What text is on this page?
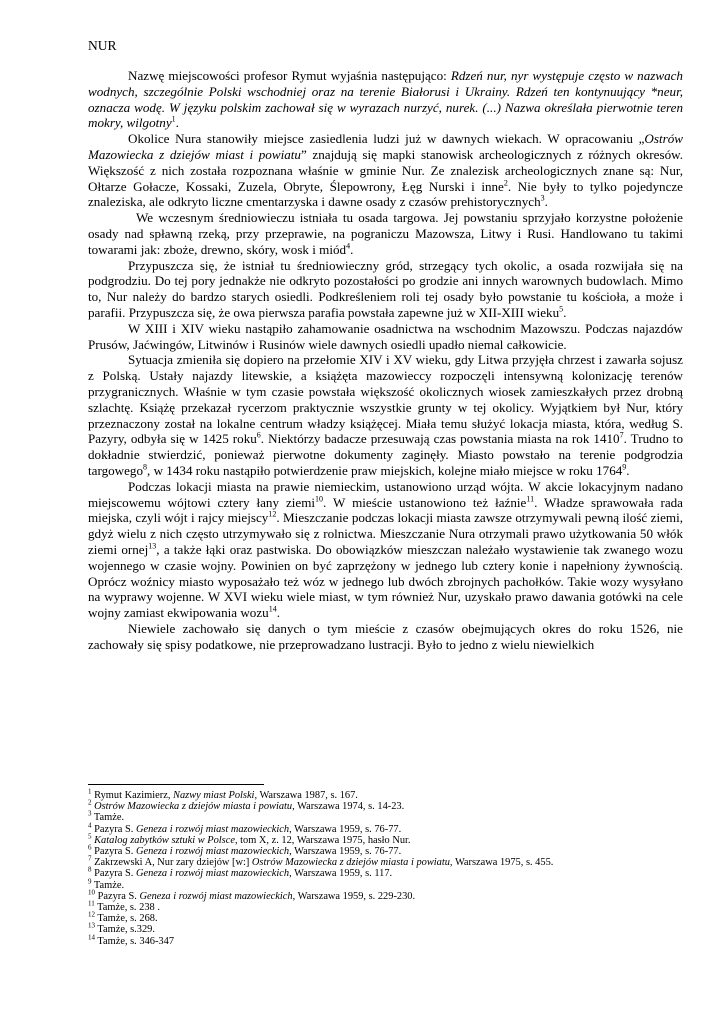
NUR

Nazwę miejscowości profesor Rymut wyjaśnia następująco: Rdzeń nur, nyr występuje często w nazwach wodnych, szczególnie Polski wschodniej oraz na terenie Białorusi i Ukrainy. Rdzeń ten kontynuujący *neur, oznacza wodę. W języku polskim zachował się w wyrazach nurzyć, nurek. (...) Nazwa określała pierwotnie teren mokry, wilgotny$^1$.

Okolice Nura stanowiły miejsce zasiedlenia ludzi już w dawnych wiekach. W opracowaniu „Ostrów Mazowiecka z dziejów miast i powiatu” znajdują się mapki stanowisk archeologicznych z różnych okresów. Większość z nich została rozpoznana właśnie w gminie Nur. Ze znalezisk archeologicznych znane są: Nur, Ołtarze Gołacze, Kossaki, Zuzela, Obryte, Ślepowrony, Łęg Nurski i inne$^2$. Nie były to tylko pojedyncze znaleziska, ale odkryto liczne cmentarzyska i dawne osady z czasów prehistorycznych$^3$.

We wczesnym średniowieczu istniała tu osada targowa. Jej powstaniu sprzyjało korzystne położenie osady nad spławną rzeką, przy przeprawie, na pograniczu Mazowsza, Litwy i Rusi. Handlowano tu takimi towarami jak: zboże, drewno, skóry, wosk i miód$^4$.

Przypuszcza się, że istniał tu średniowieczny gród, strzegący tych okolic, a osada rozwijała się na podgrodziu. Do tej pory jednakże nie odkryto pozostałości po grodzie ani innych warownych budowlach. Mimo to, Nur należy do bardzo starych osiedli. Podkreśleniem roli tej osady było powstanie tu kościoła, a może i parafii. Przypuszcza się, że owa pierwsza parafia powstała zapewne już w XII-XIII wieku$^5$.

W XIII i XIV wieku nastąpiło zahamowanie osadnictwa na wschodnim Mazowszu. Podczas najazdów Prusów, Jaćwingów, Litwinów i Rusinów wiele dawnych osiedli upadło niemal całkowicie.

Sytuacja zmieniła się dopiero na przełomie XIV i XV wieku, gdy Litwa przyjęła chrzest i zawarła sojusz z Polską. Ustały najazdy litewskie, a książęta mazowieccy rozpoczęli intensywną kolonizację terenów przygranicznych. Właśnie w tym czasie powstała większość okolicznych wiosek zamieszkałych przez drobną szlachtę. Książę przekazał rycerzom praktycznie wszystkie grunty w tej okolicy. Wyjątkiem był Nur, który przeznaczony został na lokalne centrum władzy książęcej. Miała temu służyć lokacja miasta, która, według S. Pazyry, odbyła się w 1425 roku$^6$. Niektórzy badacze przesuwają czas powstania miasta na rok 1410$^7$. Trudno to dokładnie stwierdzić, ponieważ pierwotne dokumenty zaginęły. Miasto powstało na terenie podgrodzia targowego$^8$, w 1434 roku nastąpiło potwierdzenie praw miejskich, kolejne miało miejsce w roku 1764$^9$.

Podczas lokacji miasta na prawie niemieckim, ustanowiono urząd wójta. W akcie lokacyjnym nadano miejscowemu wójtowi cztery łany ziemi$^{10}$. W mieście ustanowiono też łaźnie$^{11}$. Władze sprawowała rada miejska, czyli wójt i rajcy miejscy$^{12}$. Mieszczanie podczas lokacji miasta zawsze otrzymywali pewną ilość ziemi, gdyż wielu z nich często utrzymywało się z rolnictwa. Mieszczanie Nura otrzymali prawo użytkowania 50 włók ziemi ornej$^{13}$, a także łąki oraz pastwiska. Do obowiązków mieszczan należało wystawienie tak zwanego wozu wojennego w czasie wojny. Powinien on być zaprzężony w jednego lub cztery konie i napełniony żywnością. Oprócz woźnicy miasto wyposażało też wóz w jednego lub dwóch zbrojnych pachołków. Takie wozy wysyłano na wyprawy wojenne. W XVI wieku wiele miast, w tym również Nur, uzyskało prawo dawania gotówki na cele wojny zamiast ekwipowania wozu$^{14}$.

Niewiele zachowało się danych o tym mieście z czasów obejmujących okres do roku 1526, nie zachowały się spisy podatkowe, nie przeprowadzano lustracji. Było to jedno z wielu niewielkich

$^1$ Rymut Kazimierz, Nazwy miast Polski, Warszawa 1987, s. 167.
$^2$ Ostrów Mazowiecka z dziejów miasta i powiatu, Warszawa 1974, s. 14-23.
$^3$ Tamże.
$^4$ Pazyra S. Geneza i rozwój miast mazowieckich, Warszawa 1959, s. 76-77.
$^5$ Katalog zabytków sztuki w Polsce, tom X, z. 12, Warszawa 1975, hasło Nur.
$^6$ Pazyra S. Geneza i rozwój miast mazowieckich, Warszawa 1959, s. 76-77.
$^7$ Zakrzewski A, Nur zary dziejów [w:] Ostrów Mazowiecka z dziejów miasta i powiatu, Warszawa 1975, s. 455.
$^8$ Pazyra S. Geneza i rozwój miast mazowieckich, Warszawa 1959, s. 117.
$^9$ Tamże.
$^{10}$ Pazyra S. Geneza i rozwój miast mazowieckich, Warszawa 1959, s. 229-230.
$^{11}$ Tamże, s. 238 .
$^{12}$ Tamże, s. 268.
$^{13}$ Tamże, s.329.
$^{14}$ Tamże, s. 346-347
